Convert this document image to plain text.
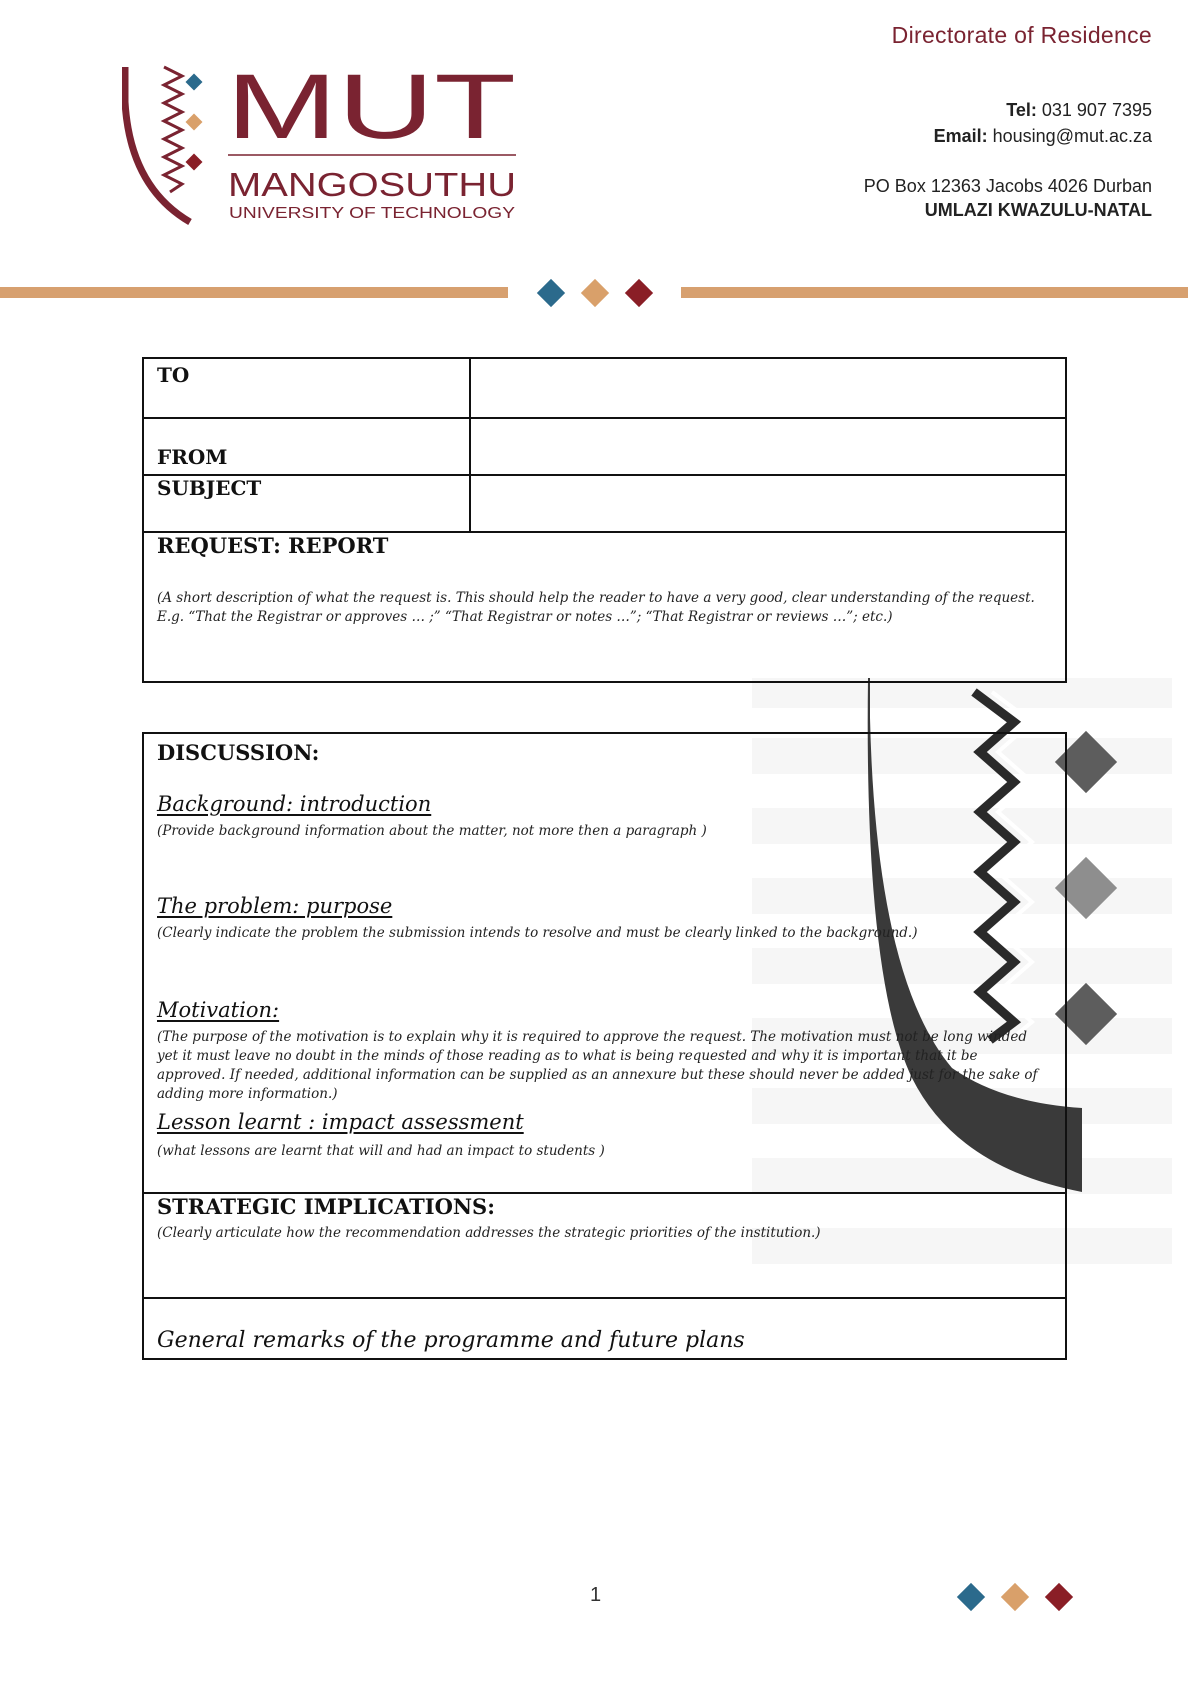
MUT
MANGOSUTHU
UNIVERSITY OF TECHNOLOGY
Directorate of Residence
Tel: 031 907 7395
Email: housing@mut.ac.za
PO Box 12363 Jacobs 4026 Durban
UMLAZI KWAZULU-NATAL
TO
FROM
SUBJECT
REQUEST: REPORT
(A short description of what the request is. This should help the reader to have a very good, clear understanding of the request. E.g. “That the Registrar or approves … ;” “That Registrar or notes …”; “That Registrar or reviews …”; etc.)
DISCUSSION:
Background: introduction
(Provide background information about the matter, not more then a paragraph )
The problem: purpose
(Clearly indicate the problem the submission intends to resolve and must be clearly linked to the background.)
Motivation:
(The purpose of the motivation is to explain why it is required to approve the request. The motivation must not be long winded yet it must leave no doubt in the minds of those reading as to what is being requested and why it is important that it be approved. If needed, additional information can be supplied as an annexure but these should never be added just for the sake of adding more information.)
Lesson learnt : impact assessment
(what lessons are learnt that will and had an impact to students )
STRATEGIC IMPLICATIONS:
(Clearly articulate how the recommendation addresses the strategic priorities of the institution.)
General remarks of the programme and future plans
1
